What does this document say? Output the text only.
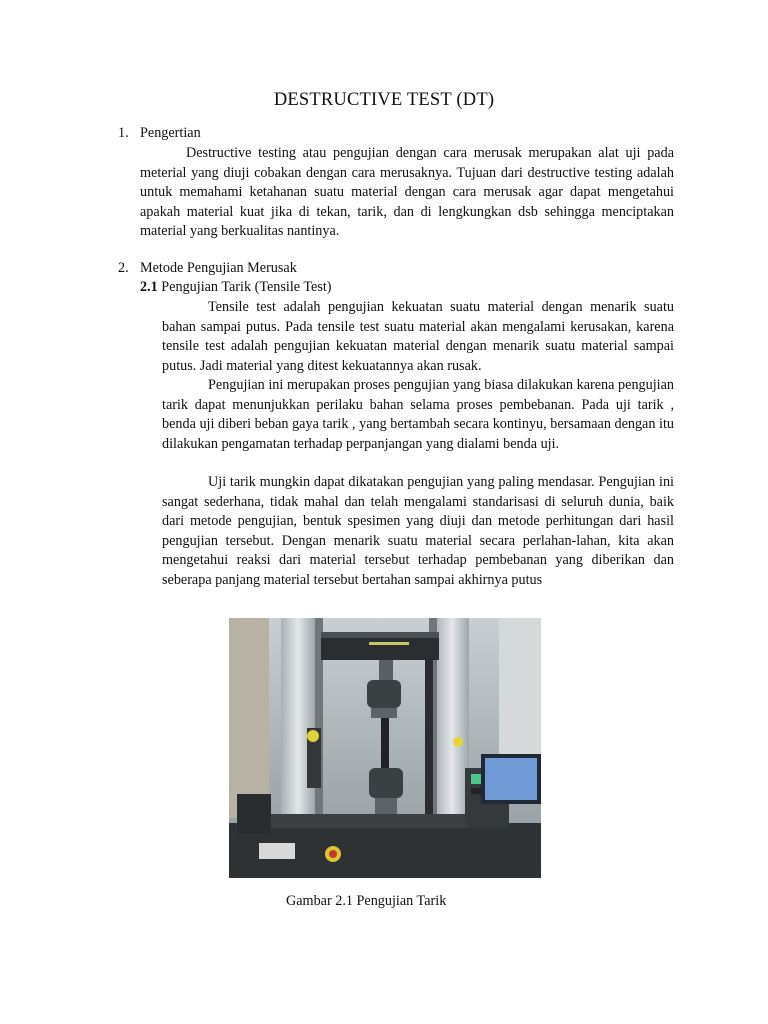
DESTRUCTIVE TEST (DT)
1. Pengertian

Destructive testing atau pengujian dengan cara merusak merupakan alat uji pada meterial yang diuji cobakan dengan cara merusaknya. Tujuan dari destructive testing adalah untuk memahami ketahanan suatu material dengan cara merusak agar dapat mengetahui apakah material kuat jika di tekan, tarik, dan di lengkungkan dsb sehingga menciptakan material yang berkualitas nantinya.

2. Metode Pengujian Merusak
2.1 Pengujian Tarik (Tensile Test)

Tensile test adalah pengujian kekuatan suatu material dengan menarik suatu bahan sampai putus. Pada tensile test suatu material akan mengalami kerusakan, karena tensile test adalah pengujian kekuatan material dengan menarik suatu material sampai putus. Jadi material yang ditest kekuatannya akan rusak.

Pengujian ini merupakan proses pengujian yang biasa dilakukan karena pengujian tarik dapat menunjukkan perilaku bahan selama proses pembebanan. Pada uji tarik , benda uji diberi beban gaya tarik , yang bertambah secara kontinyu, bersamaan dengan itu dilakukan pengamatan terhadap perpanjangan yang dialami benda uji.

Uji tarik mungkin dapat dikatakan pengujian yang paling mendasar. Pengujian ini sangat sederhana, tidak mahal dan telah mengalami standarisasi di seluruh dunia, baik dari metode pengujian, bentuk spesimen yang diuji dan metode perhitungan dari hasil pengujian tersebut. Dengan menarik suatu material secara perlahan-lahan, kita akan mengetahui reaksi dari material tersebut terhadap pembebanan yang diberikan dan seberapa panjang material tersebut bertahan sampai akhirnya putus

Gambar 2.1 Pengujian Tarik
